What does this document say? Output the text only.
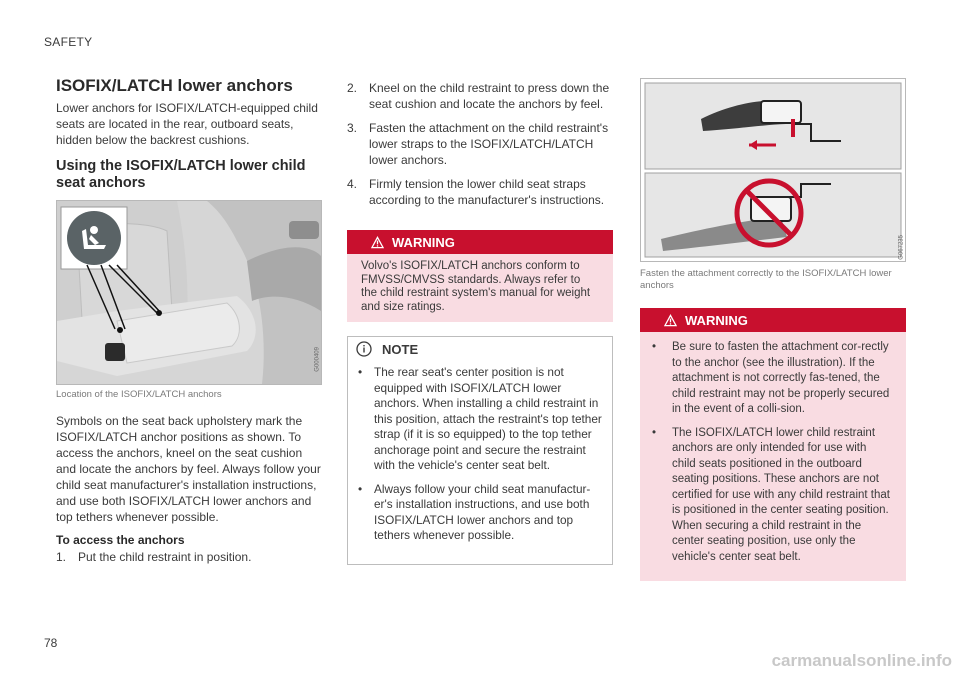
SAFETY
ISOFIX/LATCH lower anchors

Lower anchors for ISOFIX/LATCH-equipped child seats are located in the rear, outboard seats, hidden below the backrest cushions.

Using the ISOFIX/LATCH lower child seat anchors
G000409
Location of the ISOFIX/LATCH anchors

Symbols on the seat back upholstery mark the ISOFIX/LATCH anchor positions as shown. To access the anchors, kneel on the seat cushion and locate the anchors by feel. Always follow your child seat manufacturer's installation instructions, and use both ISOFIX/LATCH lower anchors and top tethers whenever possible.

To access the anchors
1. Put the child restraint in position.
2. Kneel on the child restraint to press down the seat cushion and locate the anchors by feel.
3. Fasten the attachment on the child restraint's lower straps to the ISOFIX/LATCH/LATCH lower anchors.
4. Firmly tension the lower child seat straps according to the manufacturer's instructions.
WARNING
Volvo's ISOFIX/LATCH anchors conform to FMVSS/CMVSS standards. Always refer to the child restraint system's manual for weight and size ratings.
NOTE
• The rear seat's center position is not equipped with ISOFIX/LATCH lower anchors. When installing a child restraint in this position, attach the restraint's top tether strap (if it is so equipped) to the top tether anchorage point and secure the restraint with the vehicle's center seat belt.
• Always follow your child seat manufactur-er's installation instructions, and use both ISOFIX/LATCH lower anchors and top tethers whenever possible.
G067235
Fasten the attachment correctly to the ISOFIX/LATCH lower anchors
WARNING
• Be sure to fasten the attachment cor-rectly to the anchor (see the illustration). If the attachment is not correctly fas-tened, the child restraint may not be properly secured in the event of a colli-sion.
• The ISOFIX/LATCH lower child restraint anchors are only intended for use with child seats positioned in the outboard seating positions. These anchors are not certified for use with any child restraint that is positioned in the center seating position. When securing a child restraint in the center seating position, use only the vehicle's center seat belt.
78
carmanualsonline.info
